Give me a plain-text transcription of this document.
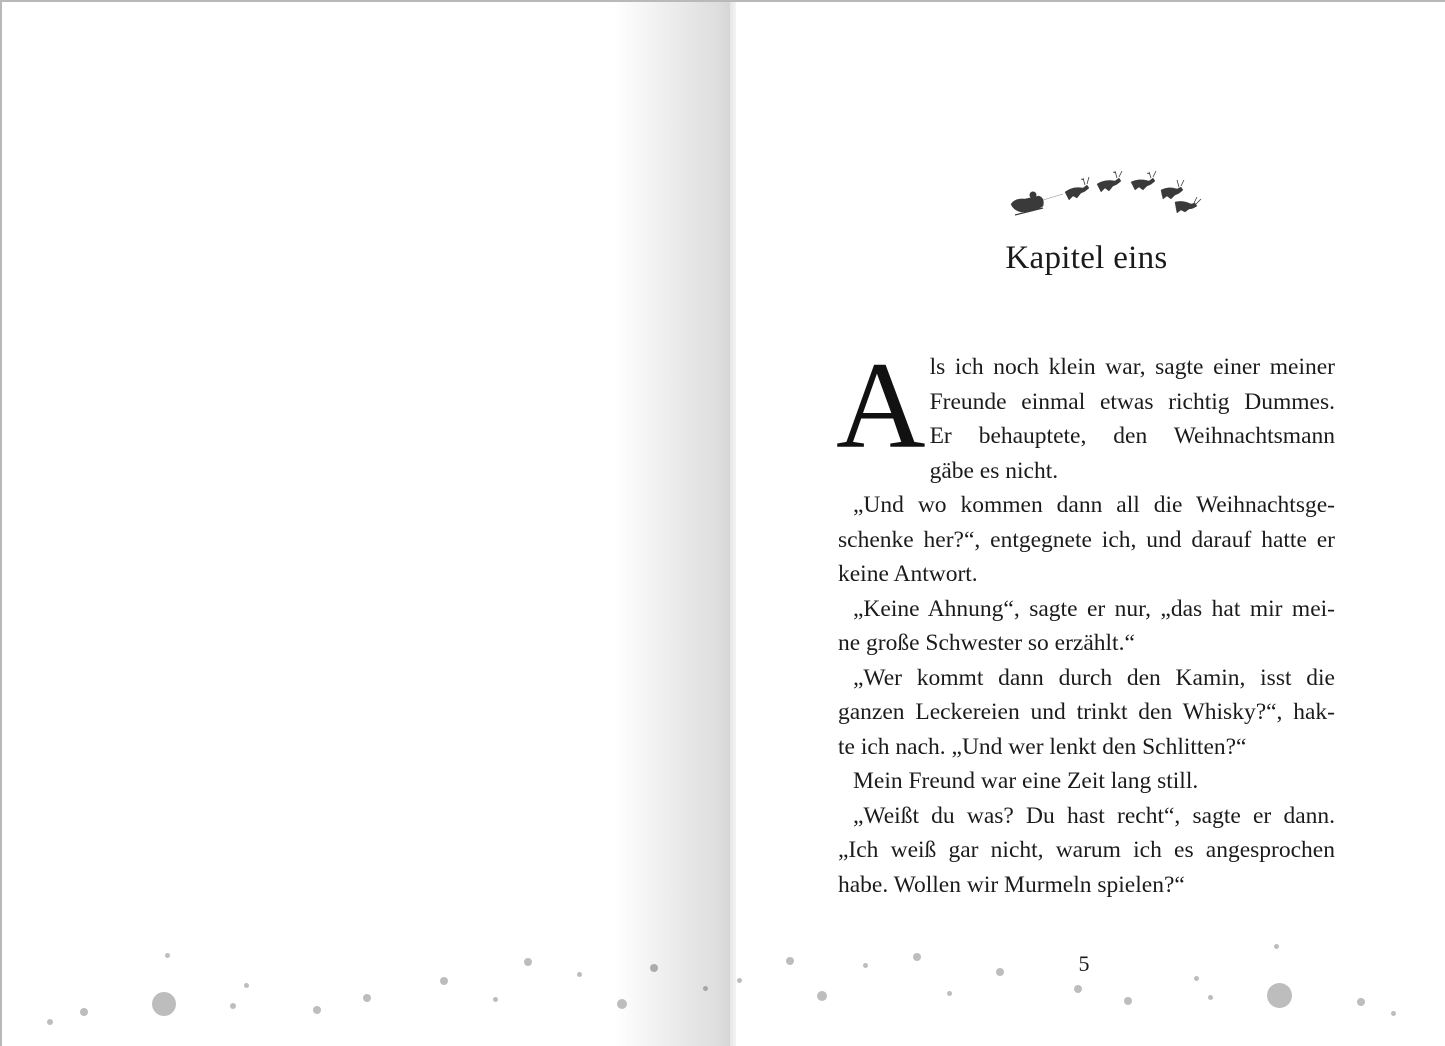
Kapitel eins

A ls ich noch klein war, sagte einer meiner
Freunde einmal etwas richtig Dummes.
Er behauptete, den Weihnachtsmann
gäbe es nicht.

„Und wo kommen dann all die Weihnachtsge-
schenke her?“, entgegnete ich, und darauf hatte er
keine Antwort.

„Keine Ahnung“, sagte er nur, „das hat mir mei-
ne große Schwester so erzählt.“

„Wer kommt dann durch den Kamin, isst die
ganzen Leckereien und trinkt den Whisky?“, hak-
te ich nach. „Und wer lenkt den Schlitten?“

Mein Freund war eine Zeit lang still.

„Weißt du was? Du hast recht“, sagte er dann.
„Ich weiß gar nicht, warum ich es angesprochen
habe. Wollen wir Murmeln spielen?“

5
